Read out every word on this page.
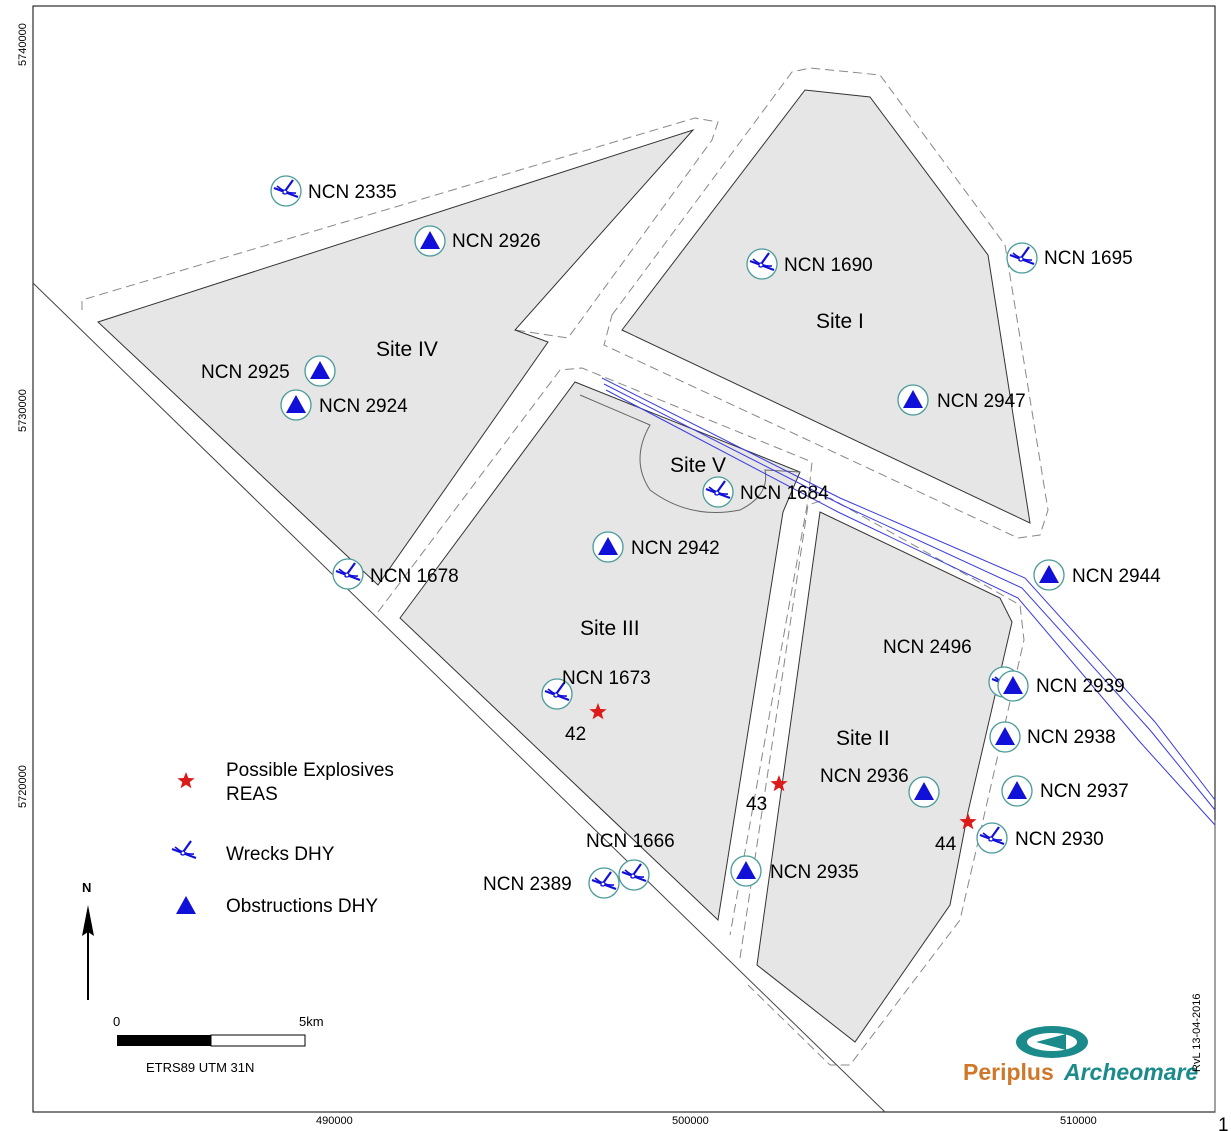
Site IV
Site I
Site V
Site III
Site II
NCN 2335
NCN 1690	NCN 1695
NCN 1684
NCN 1678
NCN 1673
NCN 2496
NCN 2930
NCN 1666
NCN 2389
NCN 2926
NCN 2925
NCN 2924	NCN 2947
NCN 2942
NCN 2944
NCN 2939
NCN 2938
NCN 2936
NCN 2937
NCN 2935
42
43
44
Possible Explosives
REAS
Wrecks DHY
Obstructions DHY
N
0	5km
ETRS89 UTM 31N	Periplus Archeomare
RvL 13-04-2016
490000	500000	510000
5740000
5730000
5720000
1
